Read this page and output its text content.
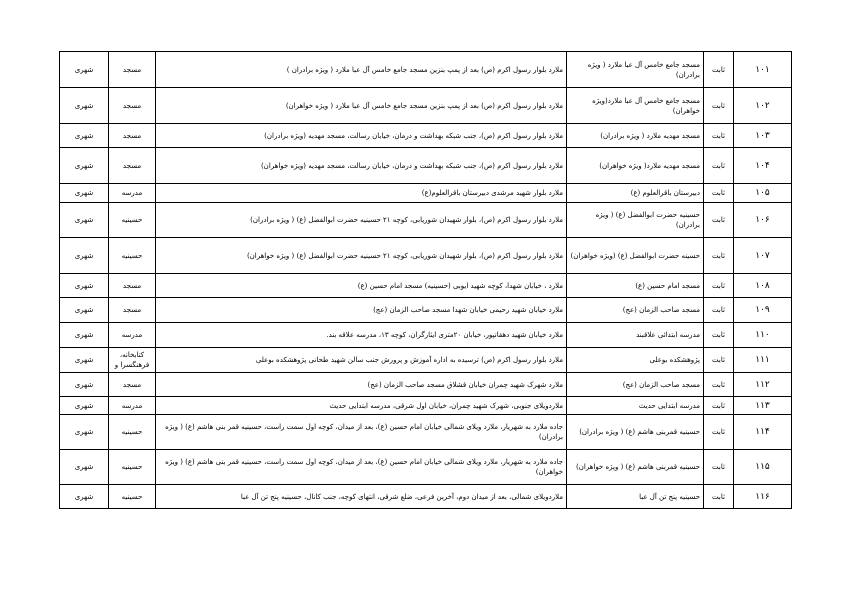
۱۰۱	ثابت	مسجد جامع خامس آل عبا ملارد ( ویژه برادران)	ملارد بلوار رسول اکرم (ص) بعد از پمپ بنزین مسجد جامع خامس آل عبا ملارد ( ویژه برادران )	مسجد	شهری
۱۰۲	ثابت	مسجد جامع خامس آل عبا ملارد(ویژه خواهران)	ملارد بلوار رسول اکرم (ص) بعد از پمپ بنزین مسجد جامع خامس آل عبا ملارد ( ویژه خواهران)	مسجد	شهری
۱۰۳	ثابت	مسجد مهدیه ملارد ( ویژه برادران)	ملارد بلوار رسول اکرم (ص)، جنب شبکه بهداشت و درمان، خیابان رسالت، مسجد مهدیه (ویژه برادران)	مسجد	شهری
۱۰۴	ثابت	مسجد مهدیه ملارد( ویژه خواهران)	ملارد بلوار رسول اکرم (ص)، جنب شبکه بهداشت و درمان، خیابان رسالت، مسجد مهدیه (ویژه خواهران)	مسجد	شهری
۱۰۵	ثابت	دبیرستان باقرالعلوم (ع)	ملارد بلوار شهید مرشدی دبیرستان باقرالعلوم(ع)	مدرسه	شهری
۱۰۶	ثابت	حسینیه حضرت ابوالفضل (ع) ( ویژه برادران)	ملارد بلوار رسول اکرم (ص)، بلوار شهیدان شوریابی، کوچه ۲۱ حسینیه حضرت ابوالفضل (ع) ( ویژه برادران)	حسینیه	شهری
۱۰۷	ثابت	حسینه حضرت ابوالفضل (ع) (ویژه خواهران)	ملارد بلوار رسول اکرم (ص)، بلوار شهیدان شوریابی، کوچه ۲۱ حسینیه حضرت ابوالفضل (ع) ( ویژه خواهران)	حسینیه	شهری
۱۰۸	ثابت	مسجد امام حسین (ع)	ملارد ، خیابان شهدا، کوچه شهید ایوبی (حسینیه) مسجد امام حسین (ع)	مسجد	شهری
۱۰۹	ثابت	مسجد صاحب الزمان (عج)	ملارد خیابان شهید رحیمی خیابان شهدا مسجد صاحب الزمان (عج)	مسجد	شهری
۱۱۰	ثابت	مدرسه ابتدائی علاقبند	ملارد خیابان شهید دهقانپور، خیابان ۲۰متری ایثارگران، کوچه ۱۳، مدرسه علاقه بند.	مدرسه	شهری
۱۱۱	ثابت	پژوهشکده بوعلی	ملارد بلوار رسول اکرم (ص) ترسیده به اداره آموزش و پرورش جنب سالن شهید طحانی پژوهشکده بوعلی	کتابخانه، فرهنگسرا و	شهری
۱۱۲	ثابت	مسجد صاحب الزمان (عج)	ملارد شهرک شهید چمران خیابان قشلاق مسجد صاحب الزمان (عج)	مسجد	شهری
۱۱۳	ثابت	مدرسه ابتدایی حدیث	ملاردویلای جنوبی، شهرک شهید چمران، خیابان اول شرقی، مدرسه ابتدایی حدیث	مدرسه	شهری
۱۱۴	ثابت	حسینیه قمربنی هاشم (ع) ( ویژه برادران)	جاده ملارد به شهریار، ملارد ویلای شمالی خیابان امام حسین (ع)، بعد از میدان، کوچه اول سمت راست، حسینیه قمر بنی هاشم (ع) ( ویژه برادران)	حسینیه	شهری
۱۱۵	ثابت	حسینیه قمربنی هاشم (ع) ( ویژه خواهران)	جاده ملارد به شهریار، ملارد ویلای شمالی خیابان امام حسین (ع)، بعد از میدان، کوچه اول سمت راست، حسینیه قمر بنی هاشم (ع) ( ویژه خواهران)	حسینیه	شهری
۱۱۶	ثابت	حسینیه پنج تن آل عبا	ملاردویلای شمالی، بعد از میدان دوم، آخرین فرعی، ضلع شرقی، انتهای کوچه، جنب کانال، حسینیه پنج تن آل عبا	حسینیه	شهری
